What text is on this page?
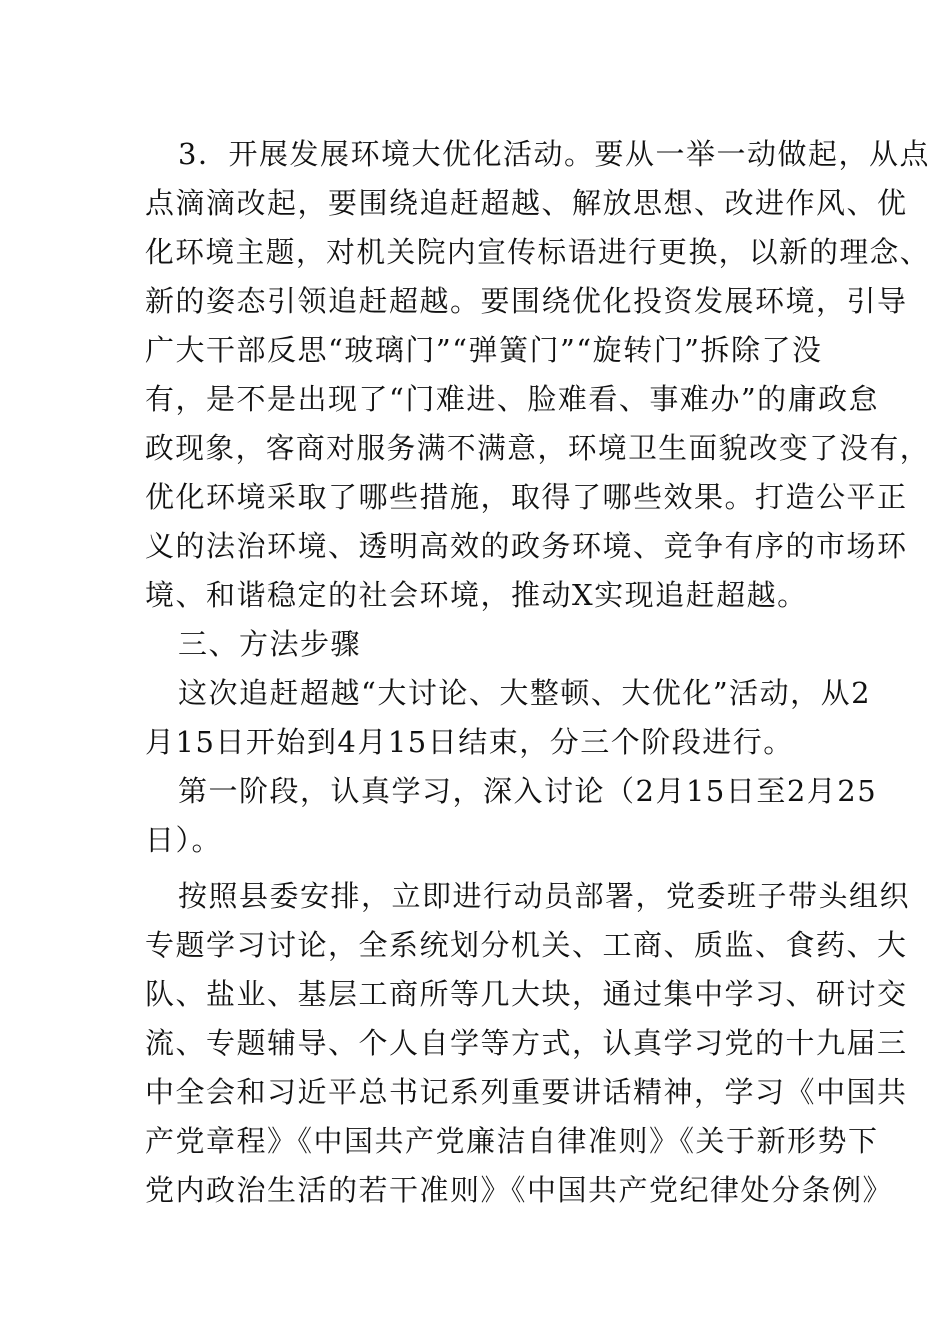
3．开展发展环境大优化活动。要从一举一动做起，从点
点滴滴改起，要围绕追赶超越、解放思想、改进作风、优
化环境主题，对机关院内宣传标语进行更换，以新的理念、
新的姿态引领追赶超越。要围绕优化投资发展环境，引导
广大干部反思“玻璃门”“弹簧门”“旋转门”拆除了没
有，是不是出现了“门难进、脸难看、事难办”的庸政怠
政现象，客商对服务满不满意，环境卫生面貌改变了没有，
优化环境采取了哪些措施，取得了哪些效果。打造公平正
义的法治环境、透明高效的政务环境、竞争有序的市场环
境、和谐稳定的社会环境，推动X实现追赶超越。
三、方法步骤
这次追赶超越“大讨论、大整顿、大优化”活动，从2
月15日开始到4月15日结束，分三个阶段进行。
第一阶段，认真学习，深入讨论（2月15日至2月25
日）。
按照县委安排，立即进行动员部署，党委班子带头组织
专题学习讨论，全系统划分机关、工商、质监、食药、大
队、盐业、基层工商所等几大块，通过集中学习、研讨交
流、专题辅导、个人自学等方式，认真学习党的十九届三
中全会和习近平总书记系列重要讲话精神，学习《中国共
产党章程》《中国共产党廉洁自律准则》《关于新形势下
党内政治生活的若干准则》《中国共产党纪律处分条例》
